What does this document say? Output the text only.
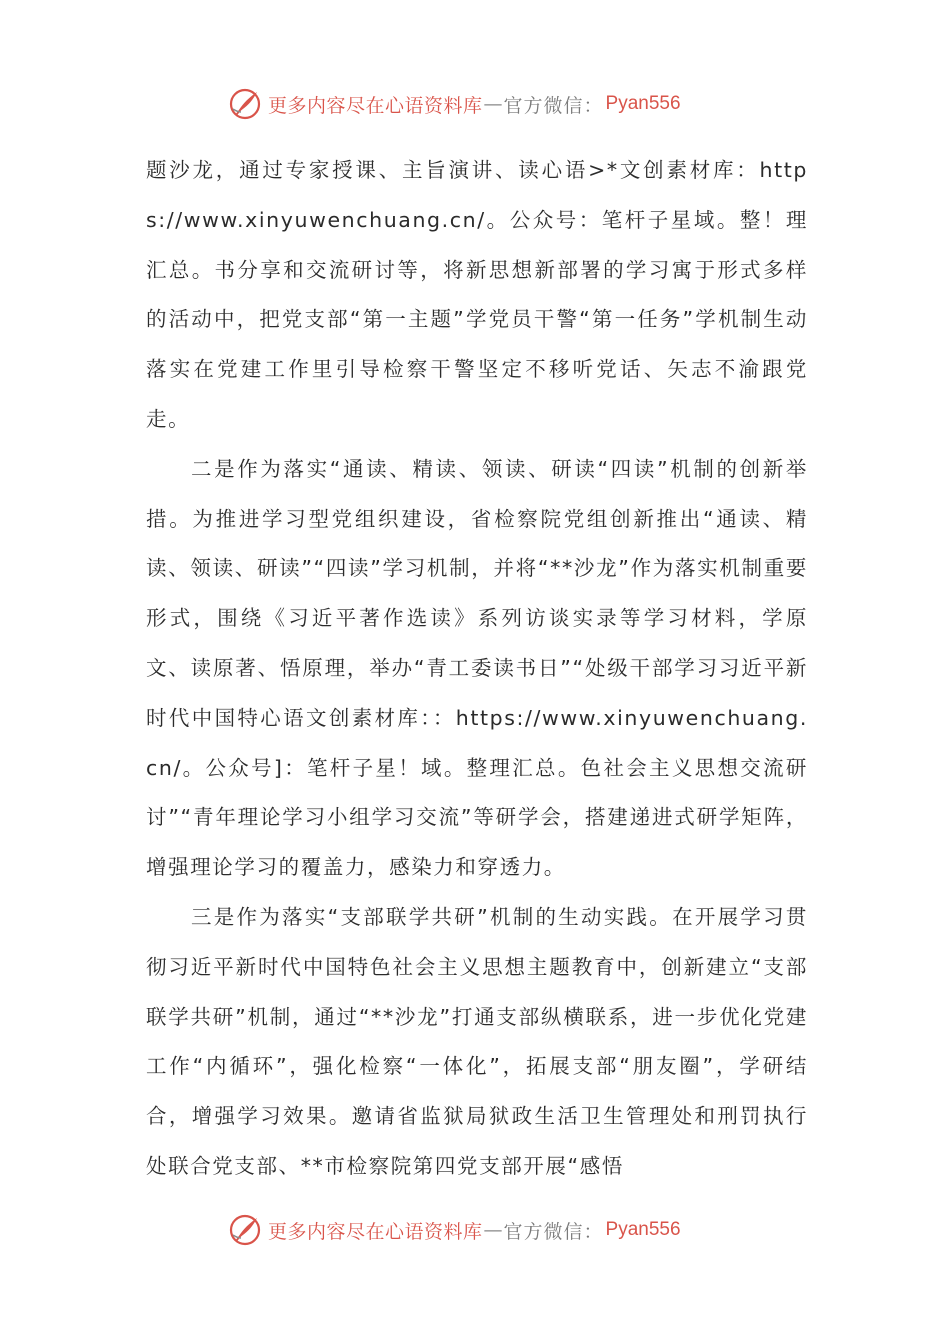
更多内容尽在心语资料库 — 官方微信： Pyan556

题沙龙，通过专家授课、主旨演讲、读心语>*文创素材库：https://www.xinyuwenchuang.cn/。公众号：笔杆子星域。整！理汇总。书分享和交流研讨等，将新思想新部署的学习寓于形式多样的活动中，把党支部“第一主题”学党员干警“第一任务”学机制生动落实在党建工作里引导检察干警坚定不移听党话、矢志不渝跟党走。

二是作为落实“通读、精读、领读、研读“四读”机制的创新举措。为推进学习型党组织建设，省检察院党组创新推出“通读、精读、领读、研读”“四读”学习机制，并将“**沙龙”作为落实机制重要形式，围绕《习近平著作选读》系列访谈实录等学习材料，学原文、读原著、悟原理，举办“青工委读书日”“处级干部学习习近平新时代中国特心语文创素材库：：https://www.xinyuwenchuang.cn/。公众号]：笔杆子星！域。整理汇总。色社会主义思想交流研讨”“青年理论学习小组学习交流”等研学会，搭建递进式研学矩阵，增强理论学习的覆盖力，感染力和穿透力。

三是作为落实“支部联学共研”机制的生动实践。在开展学习贯彻习近平新时代中国特色社会主义思想主题教育中，创新建立“支部联学共研”机制，通过“**沙龙”打通支部纵横联系，进一步优化党建工作“内循环”，强化检察“一体化”，拓展支部“朋友圈”，学研结合，增强学习效果。邀请省监狱局狱政生活卫生管理处和刑罚执行处联合党支部、**市检察院第四党支部开展“感悟

更多内容尽在心语资料库 — 官方微信： Pyan556
